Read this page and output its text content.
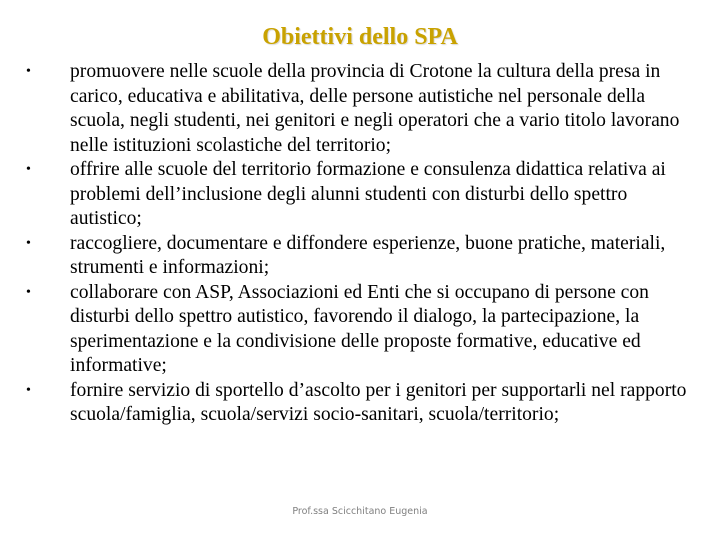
Obiettivi dello SPA
•	promuovere nelle scuole della provincia di Crotone la cultura della presa in carico, educativa e abilitativa, delle persone autistiche nel personale della scuola, negli studenti, nei genitori e negli operatori che a vario titolo lavorano nelle istituzioni scolastiche del territorio;
•	offrire alle scuole del territorio formazione e consulenza didattica relativa ai problemi dell’inclusione degli alunni studenti con disturbi dello spettro autistico;
•	raccogliere, documentare e diffondere esperienze, buone pratiche, materiali, strumenti e informazioni;
•	collaborare con ASP, Associazioni ed Enti che si occupano di persone con disturbi dello spettro autistico, favorendo il dialogo, la partecipazione, la sperimentazione e la condivisione delle proposte formative, educative ed informative;
•	fornire servizio di sportello d’ascolto per i genitori per supportarli nel rapporto scuola/famiglia, scuola/servizi socio-sanitari, scuola/territorio;
Prof.ssa Scicchitano Eugenia
